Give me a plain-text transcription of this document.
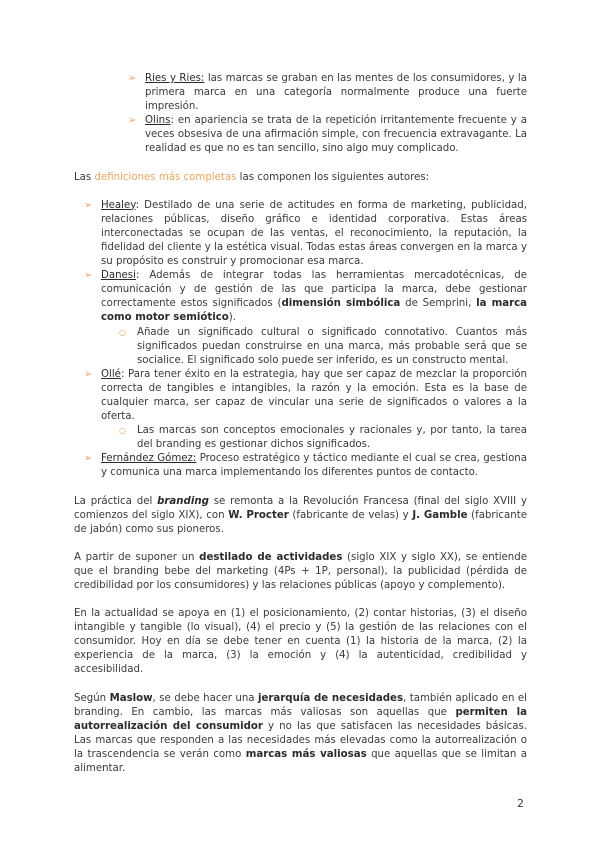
➢ Ries y Ries: las marcas se graban en las mentes de los consumidores, y la primera marca en una categoría normalmente produce una fuerte impresión.
➢ Olins: en apariencia se trata de la repetición irritantemente frecuente y a veces obsesiva de una afirmación simple, con frecuencia extravagante. La realidad es que no es tan sencillo, sino algo muy complicado.

Las definiciones más completas las componen los siguientes autores:

➢ Healey: Destilado de una serie de actitudes en forma de marketing, publicidad, relaciones públicas, diseño gráfico e identidad corporativa. Estas áreas interconectadas se ocupan de las ventas, el reconocimiento, la reputación, la fidelidad del cliente y la estética visual. Todas estas áreas convergen en la marca y su propósito es construir y promocionar esa marca.
➢ Danesi: Además de integrar todas las herramientas mercadotécnicas, de comunicación y de gestión de las que participa la marca, debe gestionar correctamente estos significados (dimensión simbólica de Semprini, la marca como motor semiótico).
○ Añade un significado cultural o significado connotativo. Cuantos más significados puedan construirse en una marca, más probable será que se socialice. El significado solo puede ser inferido, es un constructo mental.
➢ Ollé: Para tener éxito en la estrategia, hay que ser capaz de mezclar la proporción correcta de tangibles e intangibles, la razón y la emoción. Esta es la base de cualquier marca, ser capaz de vincular una serie de significados o valores a la oferta.
○ Las marcas son conceptos emocionales y racionales y, por tanto, la tarea del branding es gestionar dichos significados.
➢ Fernández Gómez: Proceso estratégico y táctico mediante el cual se crea, gestiona y comunica una marca implementando los diferentes puntos de contacto.

La práctica del branding se remonta a la Revolución Francesa (final del siglo XVIII y comienzos del siglo XIX), con W. Procter (fabricante de velas) y J. Gamble (fabricante de jabón) como sus pioneros.

A partir de suponer un destilado de actividades (siglo XIX y siglo XX), se entiende que el branding bebe del marketing (4Ps + 1P, personal), la publicidad (pérdida de credibilidad por los consumidores) y las relaciones públicas (apoyo y complemento).

En la actualidad se apoya en (1) el posicionamiento, (2) contar historias, (3) el diseño intangible y tangible (lo visual), (4) el precio y (5) la gestión de las relaciones con el consumidor. Hoy en día se debe tener en cuenta (1) la historia de la marca, (2) la experiencia de la marca, (3) la emoción y (4) la autenticidad, credibilidad y accesibilidad.

Según Maslow, se debe hacer una jerarquía de necesidades, también aplicado en el branding. En cambio, las marcas más valiosas son aquellas que permiten la autorrealización del consumidor y no las que satisfacen las necesidades básicas. Las marcas que responden a las necesidades más elevadas como la autorrealización o la trascendencia se verán como marcas más valiosas que aquellas que se limitan a alimentar.

2
